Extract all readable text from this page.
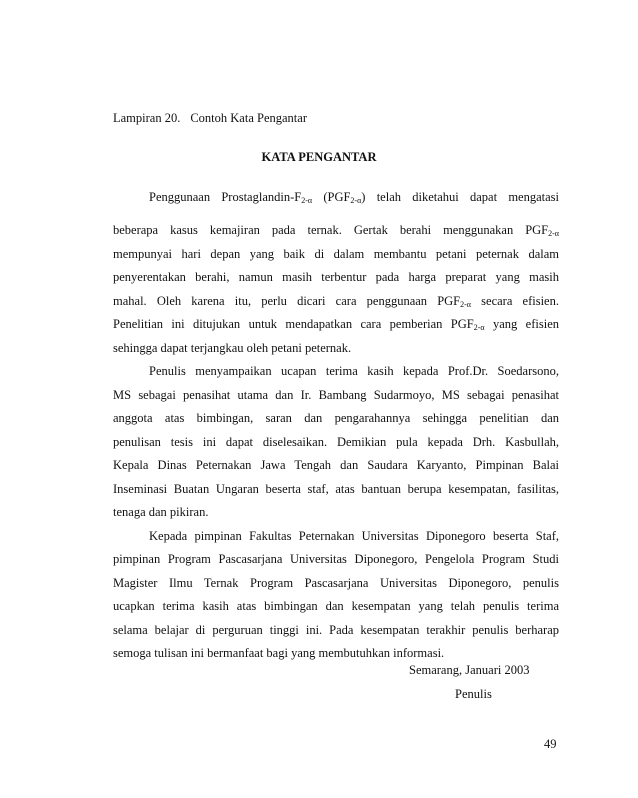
Lampiran 20. Contoh Kata Pengantar
KATA PENGANTAR
Penggunaan Prostaglandin-$F_{2-\alpha}$ $(PGF_{2-\alpha})$ telah diketahui dapat mengatasi
beberapa kasus kemajiran pada ternak. Gertak berahi menggunakan $PGF_{2-\alpha}$
mempunyai hari depan yang baik di dalam membantu petani peternak dalam
penyerentakan berahi, namun masih terbentur pada harga preparat yang masih
mahal. Oleh karena itu, perlu dicari cara penggunaan $PGF_{2-\alpha}$ secara efisien.
Penelitian ini ditujukan untuk mendapatkan cara pemberian $PGF_{2-\alpha}$ yang efisien
sehingga dapat terjangkau oleh petani peternak.
Penulis menyampaikan ucapan terima kasih kepada Prof.Dr. Soedarsono,
MS sebagai penasihat utama dan Ir. Bambang Sudarmoyo, MS sebagai penasihat
anggota atas bimbingan, saran dan pengarahannya sehingga penelitian dan
penulisan tesis ini dapat diselesaikan. Demikian pula kepada Drh. Kasbullah,
Kepala Dinas Peternakan Jawa Tengah dan Saudara Karyanto, Pimpinan Balai
Inseminasi Buatan Ungaran beserta staf, atas bantuan berupa kesempatan, fasilitas,
tenaga dan pikiran.
Kepada pimpinan Fakultas Peternakan Universitas Diponegoro beserta Staf,
pimpinan Program Pascasarjana Universitas Diponegoro, Pengelola Program Studi
Magister Ilmu Ternak Program Pascasarjana Universitas Diponegoro, penulis
ucapkan terima kasih atas bimbingan dan kesempatan yang telah penulis terima
selama belajar di perguruan tinggi ini. Pada kesempatan terakhir penulis berharap
semoga tulisan ini bermanfaat bagi yang membutuhkan informasi.
Semarang, Januari 2003
Penulis
49
